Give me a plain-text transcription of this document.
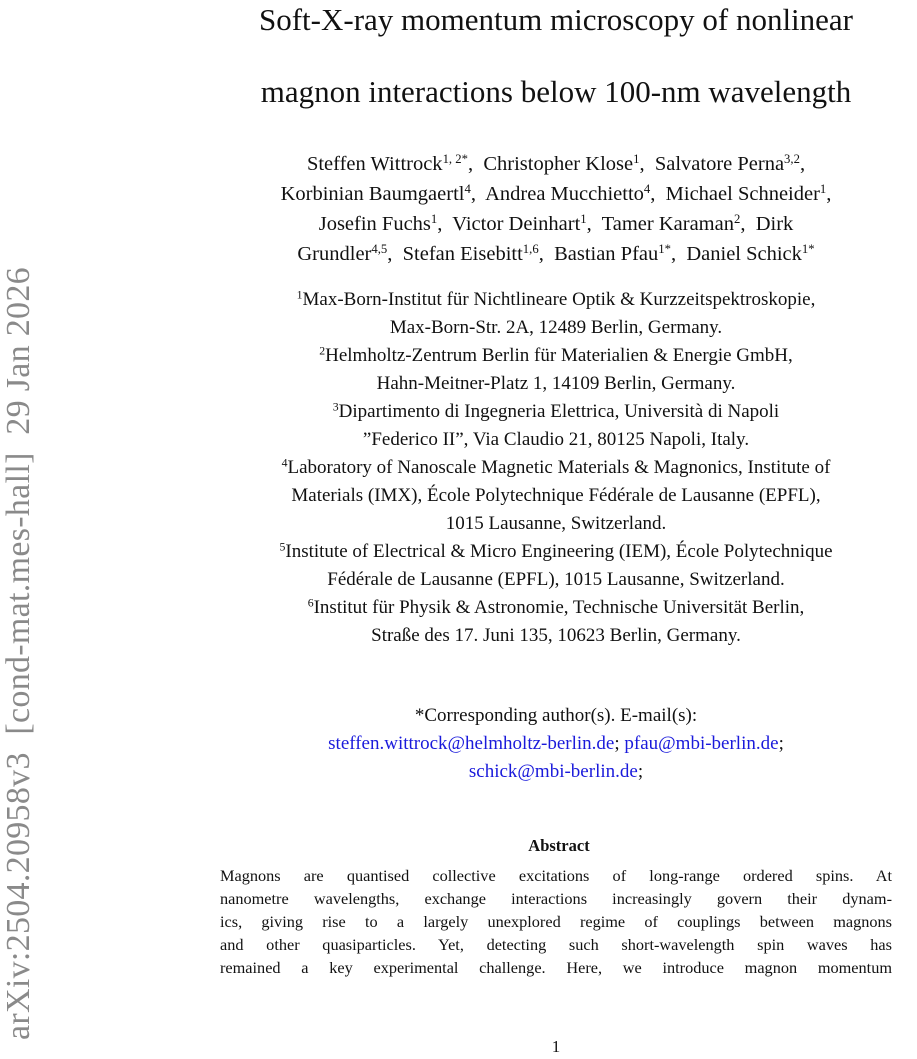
arXiv:2504.20958v3  [cond-mat.mes-hall]  29 Jan 2026
Soft-X-ray momentum microscopy of nonlinear
magnon interactions below 100-nm wavelength
Steffen Wittrock$^{1, 2*}$, Christopher Klose$^1$, Salvatore Perna$^{3,2}$,
Korbinian Baumgaertl$^4$, Andrea Mucchietto$^4$, Michael Schneider$^1$,
Josefin Fuchs$^1$, Victor Deinhart$^1$, Tamer Karaman$^2$, Dirk
Grundler$^{4,5}$, Stefan Eisebitt$^{1,6}$, Bastian Pfau$^{1*}$, Daniel Schick$^{1*}$
$^1$Max-Born-Institut für Nichtlineare Optik & Kurzzeitspektroskopie,
Max-Born-Str. 2A, 12489 Berlin, Germany.
$^2$Helmholtz-Zentrum Berlin für Materialien & Energie GmbH,
Hahn-Meitner-Platz 1, 14109 Berlin, Germany.
$^3$Dipartimento di Ingegneria Elettrica, Università di Napoli
”Federico II”, Via Claudio 21, 80125 Napoli, Italy.
$^4$Laboratory of Nanoscale Magnetic Materials & Magnonics, Institute of
Materials (IMX), École Polytechnique Fédérale de Lausanne (EPFL),
1015 Lausanne, Switzerland.
$^5$Institute of Electrical & Micro Engineering (IEM), École Polytechnique
Fédérale de Lausanne (EPFL), 1015 Lausanne, Switzerland.
$^6$Institut für Physik & Astronomie, Technische Universität Berlin,
Straße des 17. Juni 135, 10623 Berlin, Germany.
*Corresponding author(s). E-mail(s):
steffen.wittrock@helmholtz-berlin.de; pfau@mbi-berlin.de;
schick@mbi-berlin.de;
Abstract
Magnons are quantised collective excitations of long-range ordered spins. At
nanometre wavelengths, exchange interactions increasingly govern their dynam-
ics, giving rise to a largely unexplored regime of couplings between magnons
and other quasiparticles. Yet, detecting such short-wavelength spin waves has
remained a key experimental challenge. Here, we introduce magnon momentum
1
